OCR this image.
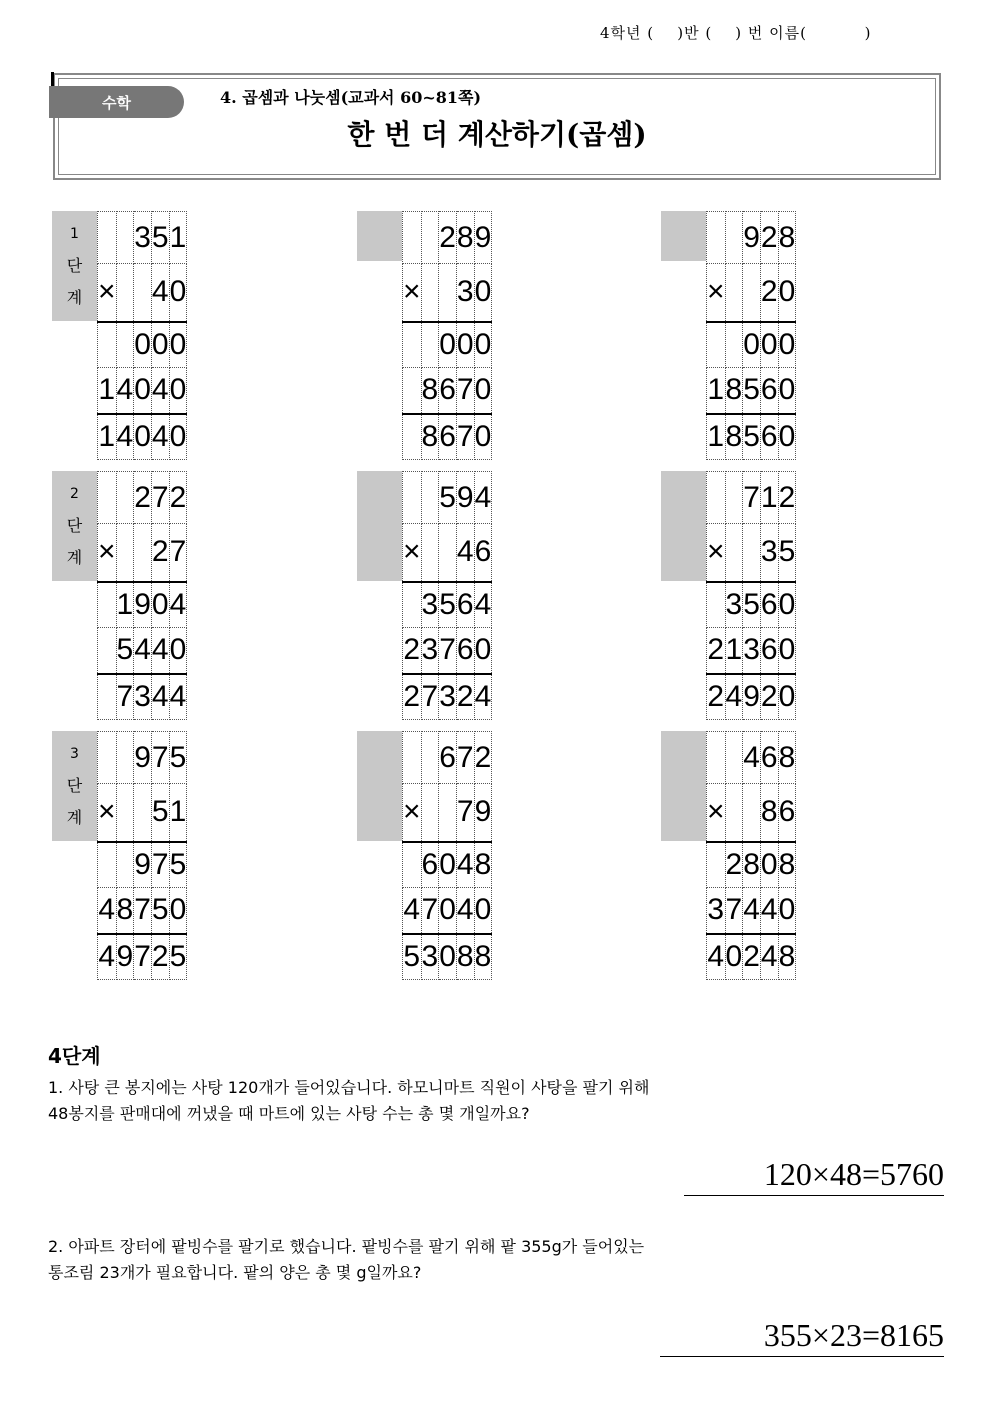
4학년 (    )반 (    ) 번 이름(          )
수학	4. 곱셈과 나눗셈(교과서 60~81쪽)
한 번 더 계산하기(곱셈)
1
단
계
		3	5	1
×			4	0
		0	0	0
1	4	0	4	0
1	4	0	4	0
		2	8	9
×			3	0
		0	0	0
	8	6	7	0
	8	6	7	0
		9	2	8
×			2	0
		0	0	0
1	8	5	6	0
1	8	5	6	0
2
단
계
		2	7	2
×			2	7
	1	9	0	4
	5	4	4	0
	7	3	4	4
		5	9	4
×			4	6
	3	5	6	4
2	3	7	6	0
2	7	3	2	4
		7	1	2
×			3	5
	3	5	6	0
2	1	3	6	0
2	4	9	2	0
3
단
계
		9	7	5
×			5	1
		9	7	5
4	8	7	5	0
4	9	7	2	5
		6	7	2
×			7	9
	6	0	4	8
4	7	0	4	0
5	3	0	8	8
		4	6	8
×			8	6
	2	8	0	8
3	7	4	4	0
4	0	2	4	8
4단계
1. 사탕 큰 봉지에는 사탕 120개가 들어있습니다. 하모니마트 직원이 사탕을 팔기 위해
48봉지를 판매대에 꺼냈을 때 마트에 있는 사탕 수는 총 몇 개일까요?
120×48=5760
2. 아파트 장터에 팥빙수를 팔기로 했습니다. 팥빙수를 팔기 위해 팥 355g가 들어있는
통조림 23개가 필요합니다. 팥의 양은 총 몇 g일까요?
355×23=8165
